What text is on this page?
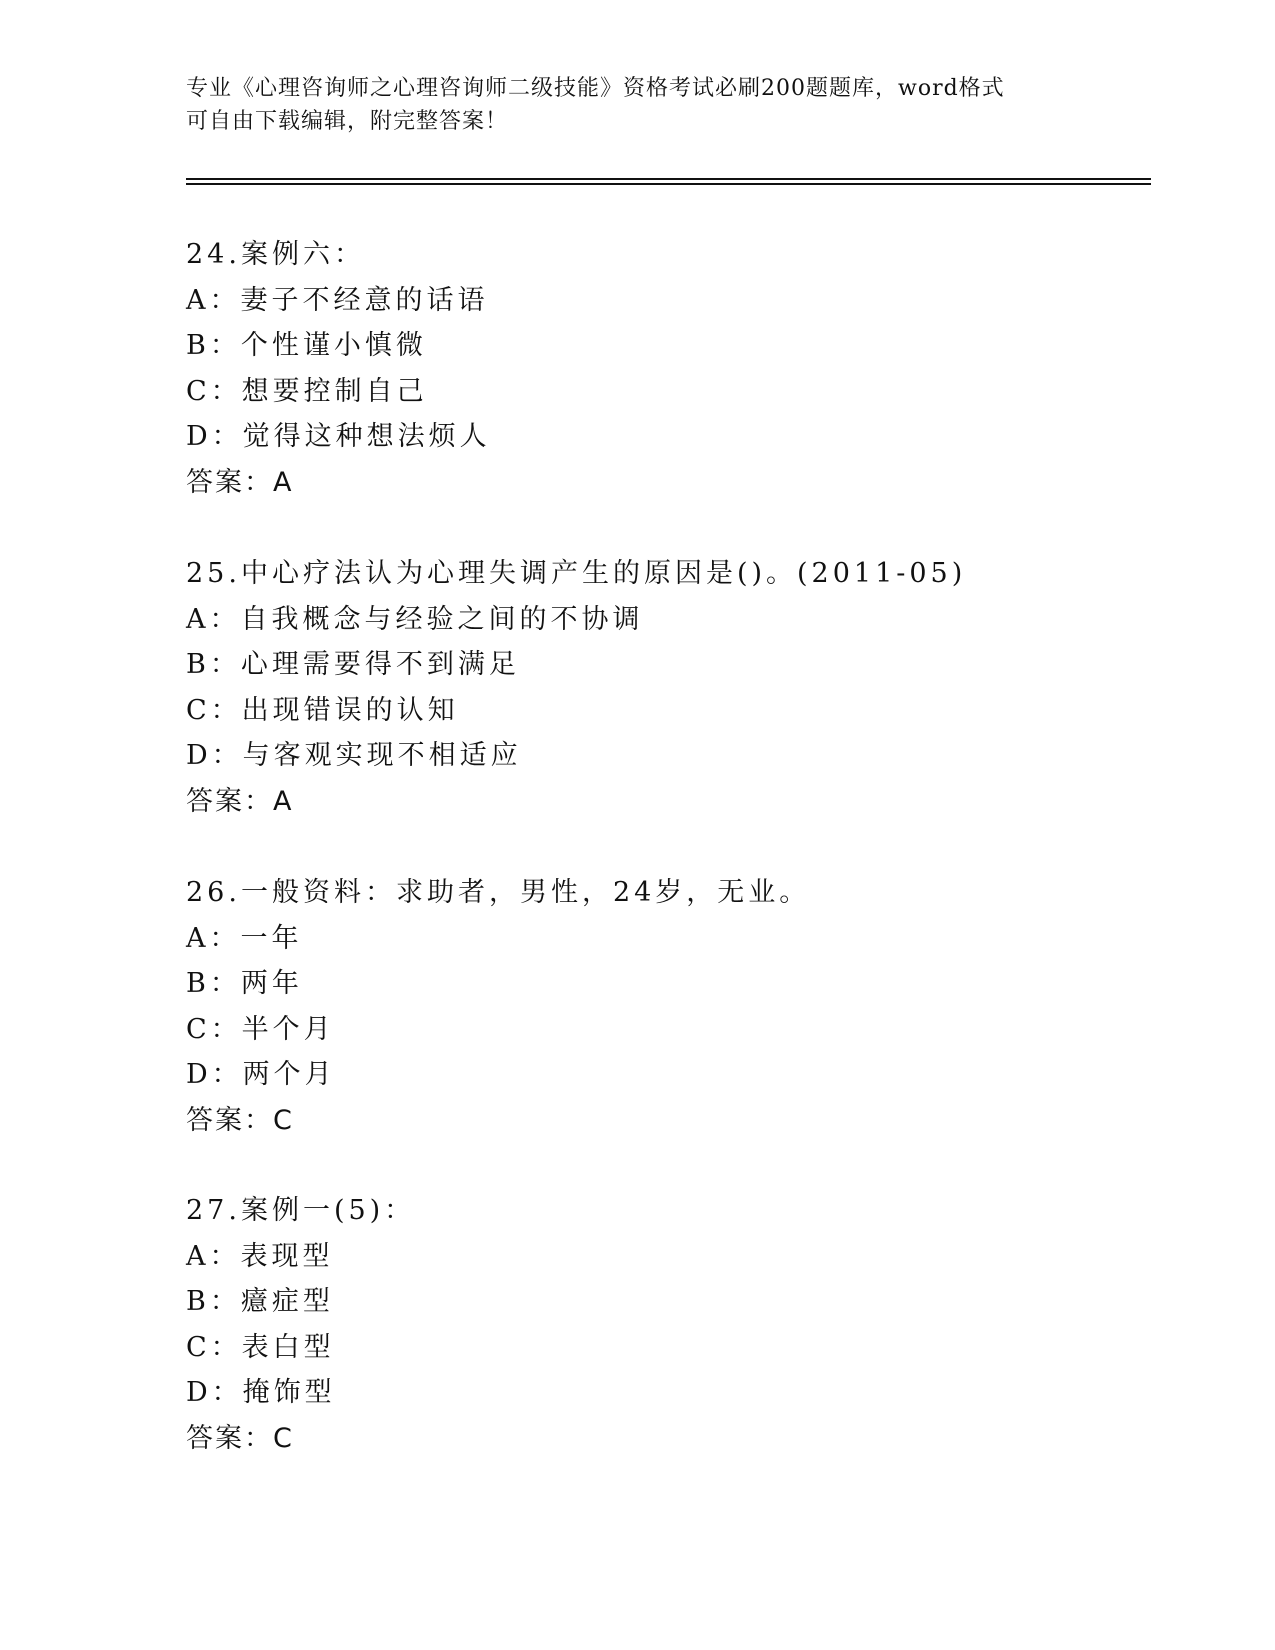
专业《心理咨询师之心理咨询师二级技能》资格考试必刷200题题库，word格式
可自由下载编辑，附完整答案！
24.案例六：
A：妻子不经意的话语
B：个性谨小慎微
C：想要控制自己
D：觉得这种想法烦人
答案：A
25.中心疗法认为心理失调产生的原因是()。(2011-05)
A：自我概念与经验之间的不协调
B：心理需要得不到满足
C：出现错误的认知
D：与客观实现不相适应
答案：A
26.一般资料：求助者，男性，24岁，无业。
A：一年
B：两年
C：半个月
D：两个月
答案：C
27.案例一(5)：
A：表现型
B：癔症型
C：表白型
D：掩饰型
答案：C
